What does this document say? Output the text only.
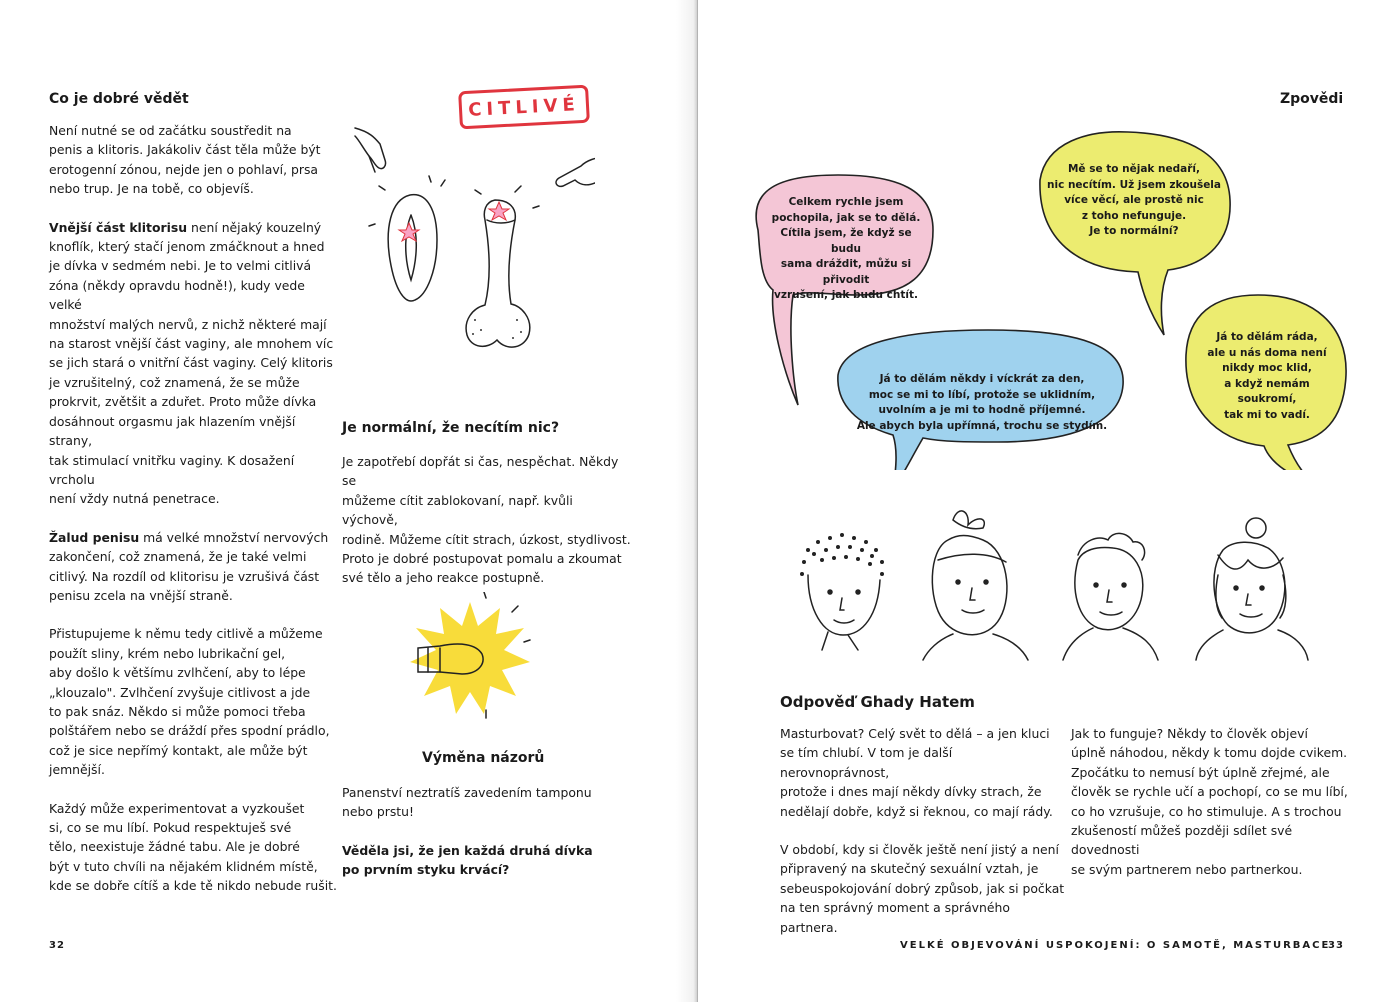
Co je dobré vědět

Není nutné se od začátku soustředit na
penis a klitoris. Jakákoliv část těla může být
erotogenní zónou, nejde jen o pohlaví, prsa
nebo trup. Je na tobě, co objevíš.

Vnější část klitorisu není nějaký kouzelný
knoflík, který stačí jenom zmáčknout a hned
je dívka v sedmém nebi. Je to velmi citlivá
zóna (někdy opravdu hodně!), kudy vede velké
množství malých nervů, z nichž některé mají
na starost vnější část vaginy, ale mnohem víc
se jich stará o vnitřní část vaginy. Celý klitoris
je vzrušitelný, což znamená, že se může
prokrvit, zvětšit a zduřet. Proto může dívka
dosáhnout orgasmu jak hlazením vnější strany,
tak stimulací vnitřku vaginy. K dosažení vrcholu
není vždy nutná penetrace.

Žalud penisu má velké množství nervových
zakončení, což znamená, že je také velmi
citlivý. Na rozdíl od klitorisu je vzrušivá část
penisu zcela na vnější straně.

Přistupujeme k němu tedy citlivě a můžeme
použít sliny, krém nebo lubrikační gel,
aby došlo k většímu zvlhčení, aby to lépe
„klouzalo". Zvlhčení zvyšuje citlivost a jde
to pak snáz. Někdo si může pomoci třeba
polštářem nebo se dráždí přes spodní prádlo,
což je sice nepřímý kontakt, ale může být
jemnější.

Každý může experimentovat a vyzkoušet
si, co se mu líbí. Pokud respektuješ své
tělo, neexistuje žádné tabu. Ale je dobré
být v tuto chvíli na nějakém klidném místě,
kde se dobře cítíš a kde tě nikdo nebude rušit.

CITLIVÉ
Je normální, že necítím nic?

Je zapotřebí dopřát si čas, nespěchat. Někdy se
můžeme cítit zablokovaní, např. kvůli výchově,
rodině. Můžeme cítit strach, úzkost, stydlivost.
Proto je dobré postupovat pomalu a zkoumat
své tělo a jeho reakce postupně.

Výměna názorů

Panenství neztratíš zavedením tamponu
nebo prstu!

Věděla jsi, že jen každá druhá dívka
po prvním styku krvácí?

32
Zpovědi
Celkem rychle jsem
pochopila, jak se to dělá.
Cítila jsem, že když se budu
sama dráždit, můžu si přivodit
vzrušení, jak budu chtít.
Mě se to nějak nedaří,
nic necítím. Už jsem zkoušela
více věcí, ale prostě nic
z toho nefunguje.
Je to normální?
Já to dělám někdy i víckrát za den,
moc se mi to líbí, protože se uklidním,
uvolním a je mi to hodně příjemné.
Ale abych byla upřímná, trochu se stydím.
Já to dělám ráda,
ale u nás doma není
nikdy moc klid,
a když nemám soukromí,
tak mi to vadí.
Odpověď Ghady Hatem

Masturbovat? Celý svět to dělá – a jen kluci
se tím chlubí. V tom je další nerovnoprávnost,
protože i dnes mají někdy dívky strach, že
nedělají dobře, když si řeknou, co mají rády.

V období, kdy si člověk ještě není jistý a není
připravený na skutečný sexuální vztah, je
sebeuspokojování dobrý způsob, jak si počkat
na ten správný moment a správného partnera.

Jak to funguje? Někdy to člověk objeví
úplně náhodou, někdy k tomu dojde cvikem.
Zpočátku to nemusí být úplně zřejmé, ale
člověk se rychle učí a pochopí, co se mu líbí,
co ho vzrušuje, co ho stimuluje. A s trochou
zkušeností můžeš později sdílet své dovednosti
se svým partnerem nebo partnerkou.

VELKÉ OBJEVOVÁNÍ USPOKOJENÍ: O SAMOTĚ, MASTURBACE
33
